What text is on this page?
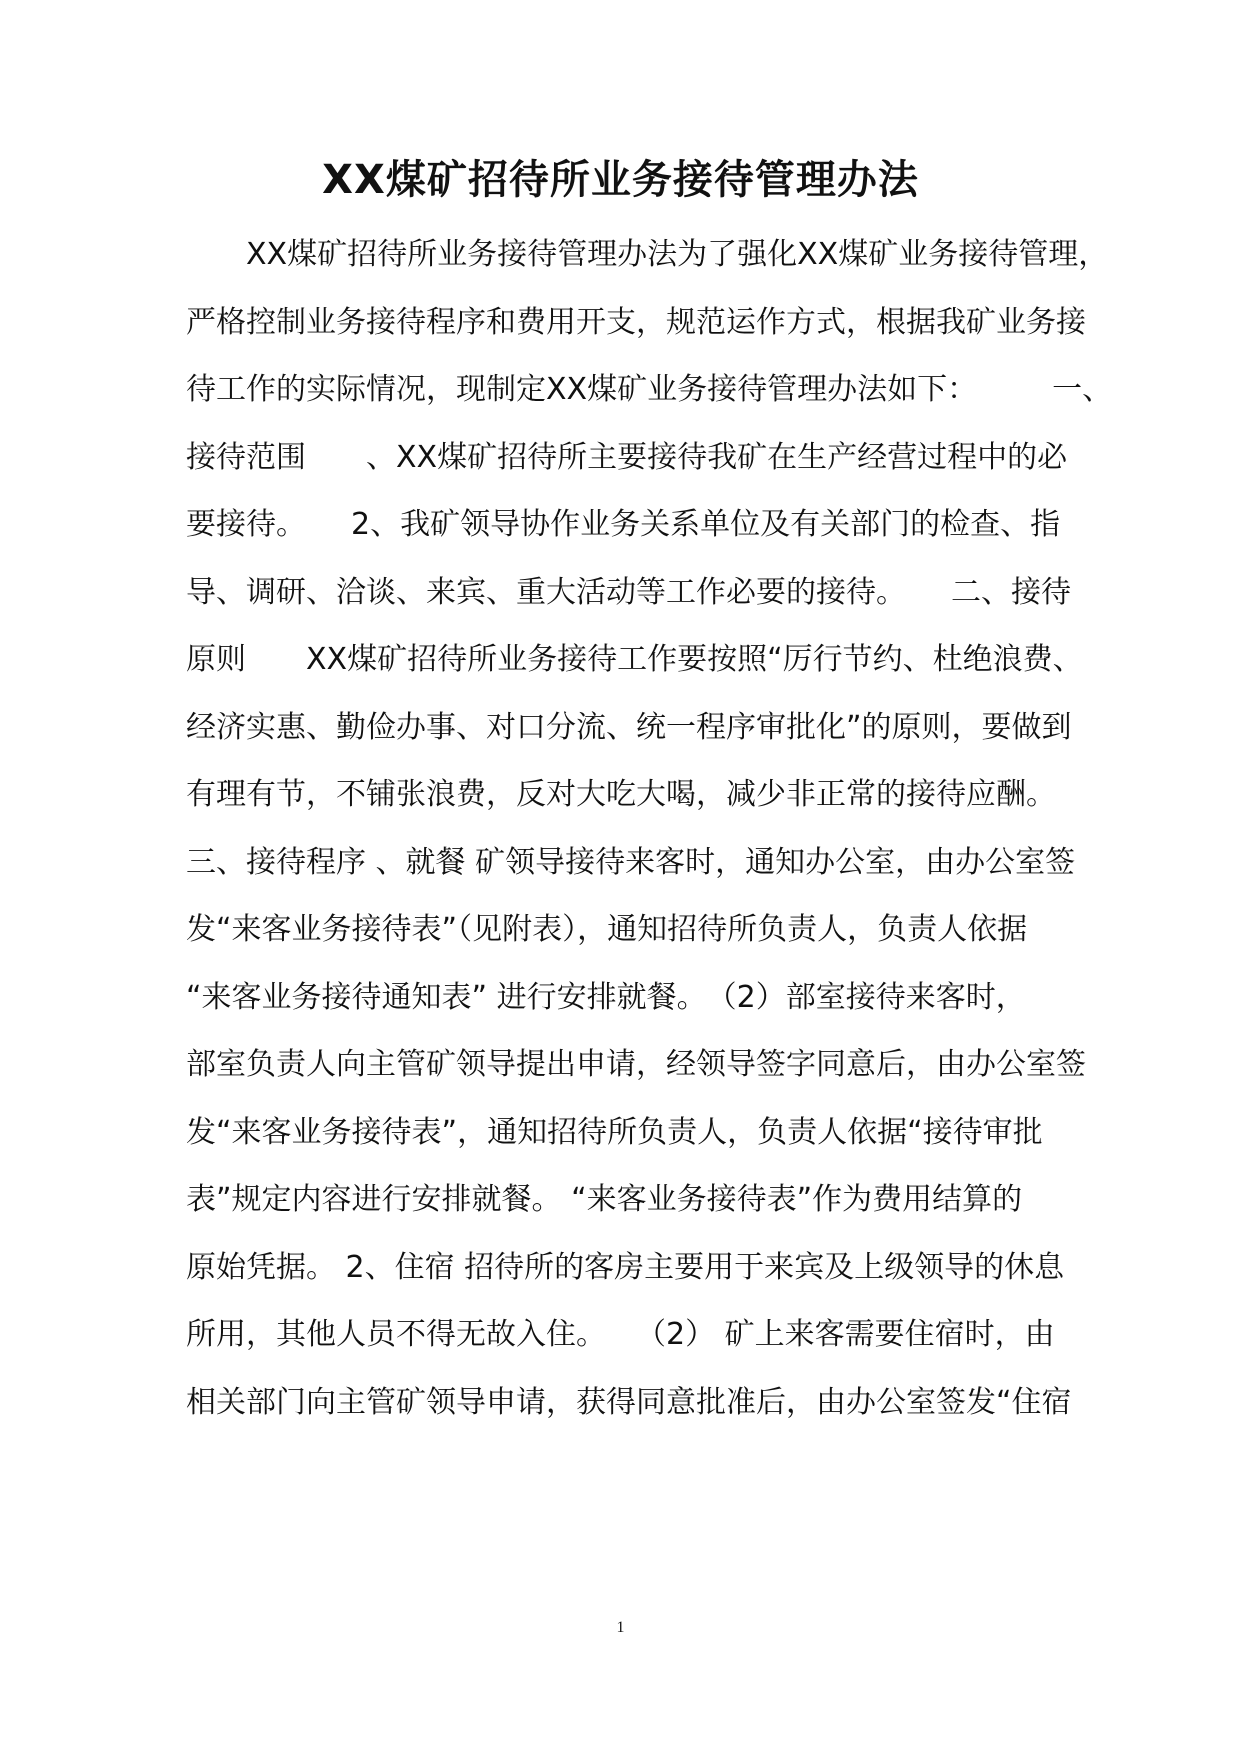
XX煤矿招待所业务接待管理办法
　　XX煤矿招待所业务接待管理办法为了强化XX煤矿业务接待管理，
严格控制业务接待程序和费用开支，规范运作方式，根据我矿业务接
待工作的实际情况，现制定XX煤矿业务接待管理办法如下：　　　一、
接待范围　　、XX煤矿招待所主要接待我矿在生产经营过程中的必
要接待。　　2、我矿领导协作业务关系单位及有关部门的检查、指
导、调研、洽谈、来宾、重大活动等工作必要的接待。　　二、接待
原则　　XX煤矿招待所业务接待工作要按照“厉行节约、杜绝浪费、
经济实惠、勤俭办事、对口分流、统一程序审批化”的原则，要做到
有理有节，不铺张浪费，反对大吃大喝，减少非正常的接待应酬。
三、接待程序 、就餐 矿领导接待来客时，通知办公室，由办公室签
发“来客业务接待表”（见附表），通知招待所负责人，负责人依据
“来客业务接待通知表” 进行安排就餐。　（2）部室接待来客时，
部室负责人向主管矿领导提出申请，经领导签字同意后，由办公室签
发“来客业务接待表”，通知招待所负责人，负责人依据“接待审批
表”规定内容进行安排就餐。 “来客业务接待表”作为费用结算的
原始凭据。 2、住宿 招待所的客房主要用于来宾及上级领导的休息
所用，其他人员不得无故入住。　　（2） 矿上来客需要住宿时，由
相关部门向主管矿领导申请，获得同意批准后，由办公室签发“住宿
1
